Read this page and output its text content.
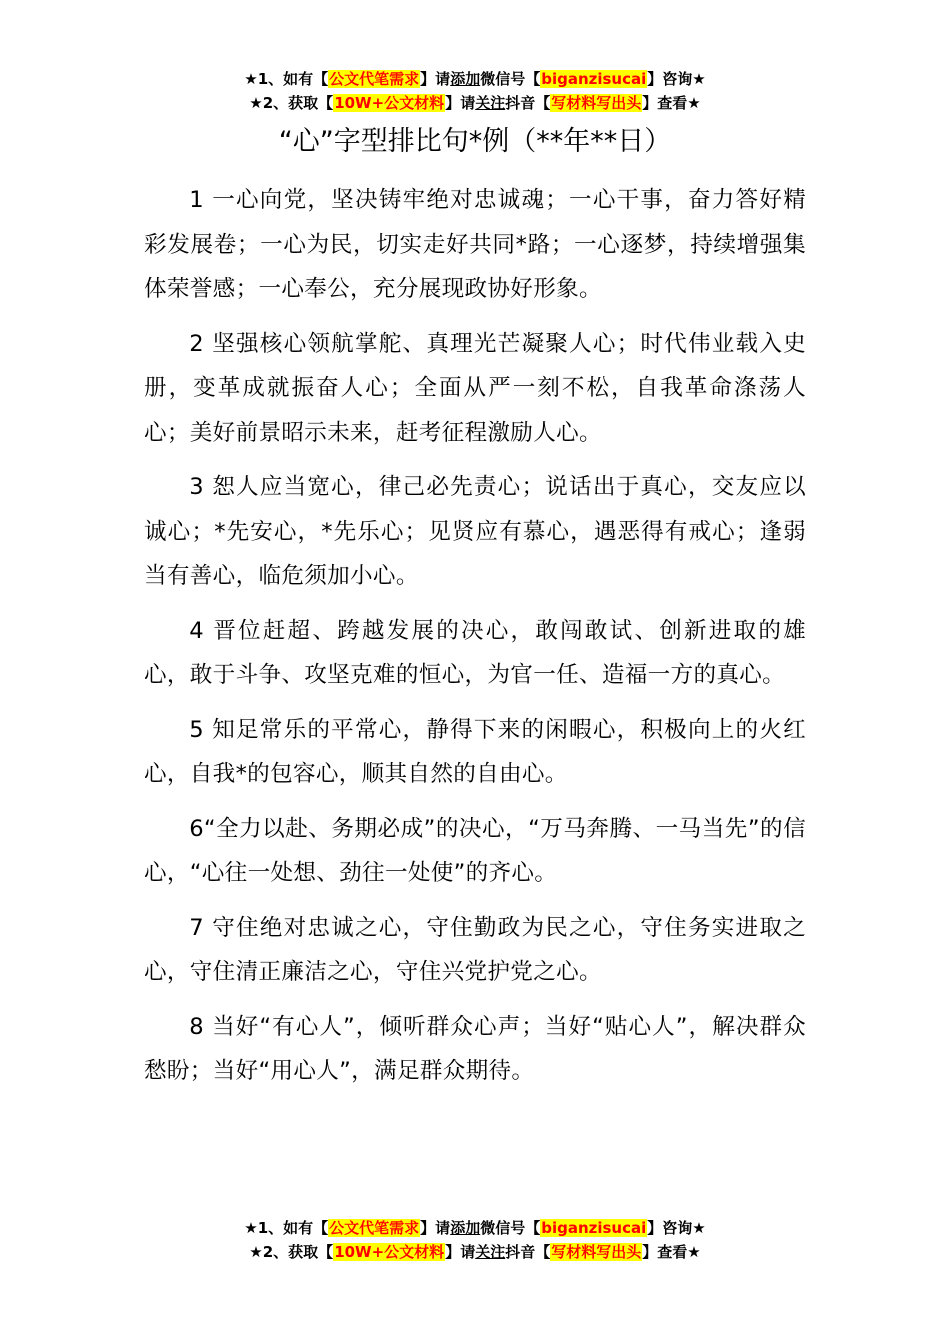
★1、如有【公文代笔需求】请添加微信号【biganzisucai】咨询★
★2、获取【10W+公文材料】请关注抖音【写材料写出头】查看★
“心”字型排比句*例（**年**日）

1 一心向党，坚决铸牢绝对忠诚魂；一心干事，奋力答好精彩发展卷；一心为民，切实走好共同*路；一心逐梦，持续增强集体荣誉感；一心奉公，充分展现政协好形象。

2 坚强核心领航掌舵、真理光芒凝聚人心；时代伟业载入史册，变革成就振奋人心；全面从严一刻不松，自我革命涤荡人心；美好前景昭示未来，赶考征程激励人心。

3 恕人应当宽心，律己必先责心；说话出于真心，交友应以诚心；*先安心，*先乐心；见贤应有慕心，遇恶得有戒心；逢弱当有善心，临危须加小心。

4 晋位赶超、跨越发展的决心，敢闯敢试、创新进取的雄心，敢于斗争、攻坚克难的恒心，为官一任、造福一方的真心。

5 知足常乐的平常心，静得下来的闲暇心，积极向上的火红心，自我*的包容心，顺其自然的自由心。

6“全力以赴、务期必成”的决心，“万马奔腾、一马当先”的信心，“心往一处想、劲往一处使”的齐心。

7 守住绝对忠诚之心，守住勤政为民之心，守住务实进取之心，守住清正廉洁之心，守住兴党护党之心。

8 当好“有心人”，倾听群众心声；当好“贴心人”，解决群众愁盼；当好“用心人”，满足群众期待。

★1、如有【公文代笔需求】请添加微信号【biganzisucai】咨询★
★2、获取【10W+公文材料】请关注抖音【写材料写出头】查看★
